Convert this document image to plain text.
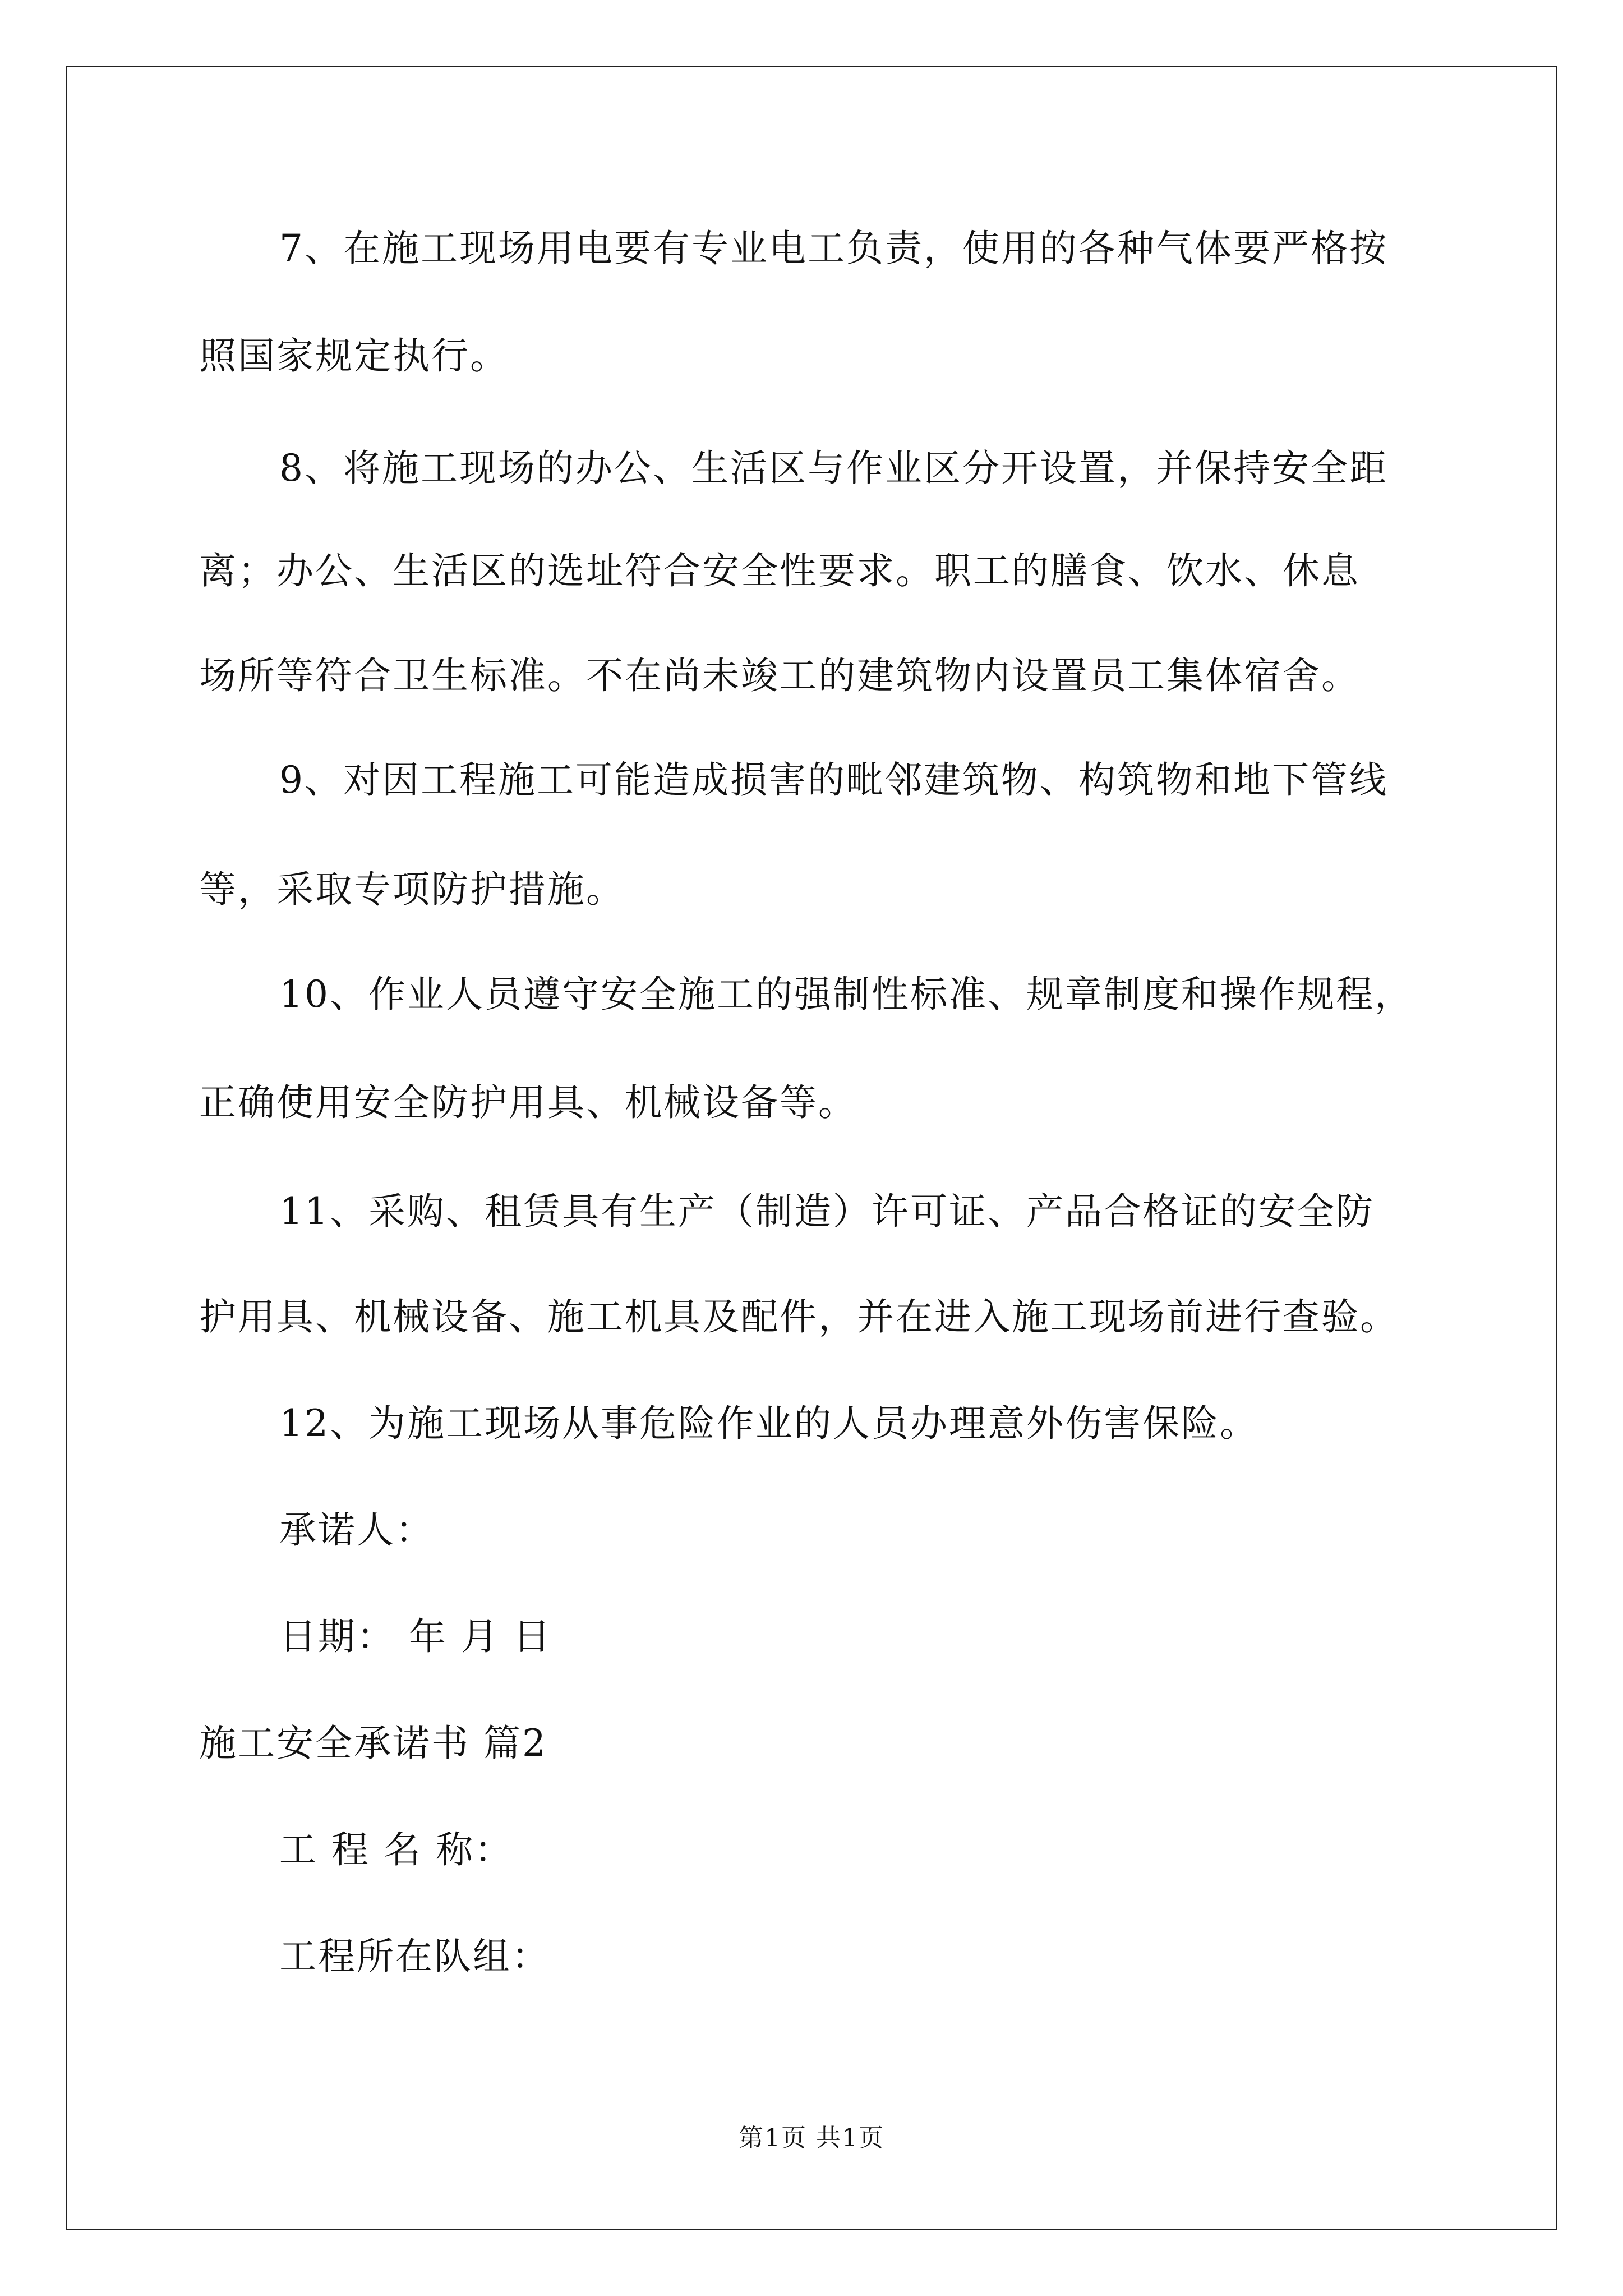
7、在施工现场用电要有专业电工负责，使用的各种气体要严格按

照国家规定执行。

8、将施工现场的办公、生活区与作业区分开设置，并保持安全距

离；办公、生活区的选址符合安全性要求。职工的膳食、饮水、休息

场所等符合卫生标准。不在尚未竣工的建筑物内设置员工集体宿舍。

9、对因工程施工可能造成损害的毗邻建筑物、构筑物和地下管线

等，采取专项防护措施。

10、作业人员遵守安全施工的强制性标准、规章制度和操作规程，

正确使用安全防护用具、机械设备等。

11、采购、租赁具有生产（制造）许可证、产品合格证的安全防

护用具、机械设备、施工机具及配件，并在进入施工现场前进行查验。

12、为施工现场从事危险作业的人员办理意外伤害保险。

承诺人：

日期： 年 月 日

施工安全承诺书 篇2

工 程 名 称：

工程所在队组：

第1页 共1页
